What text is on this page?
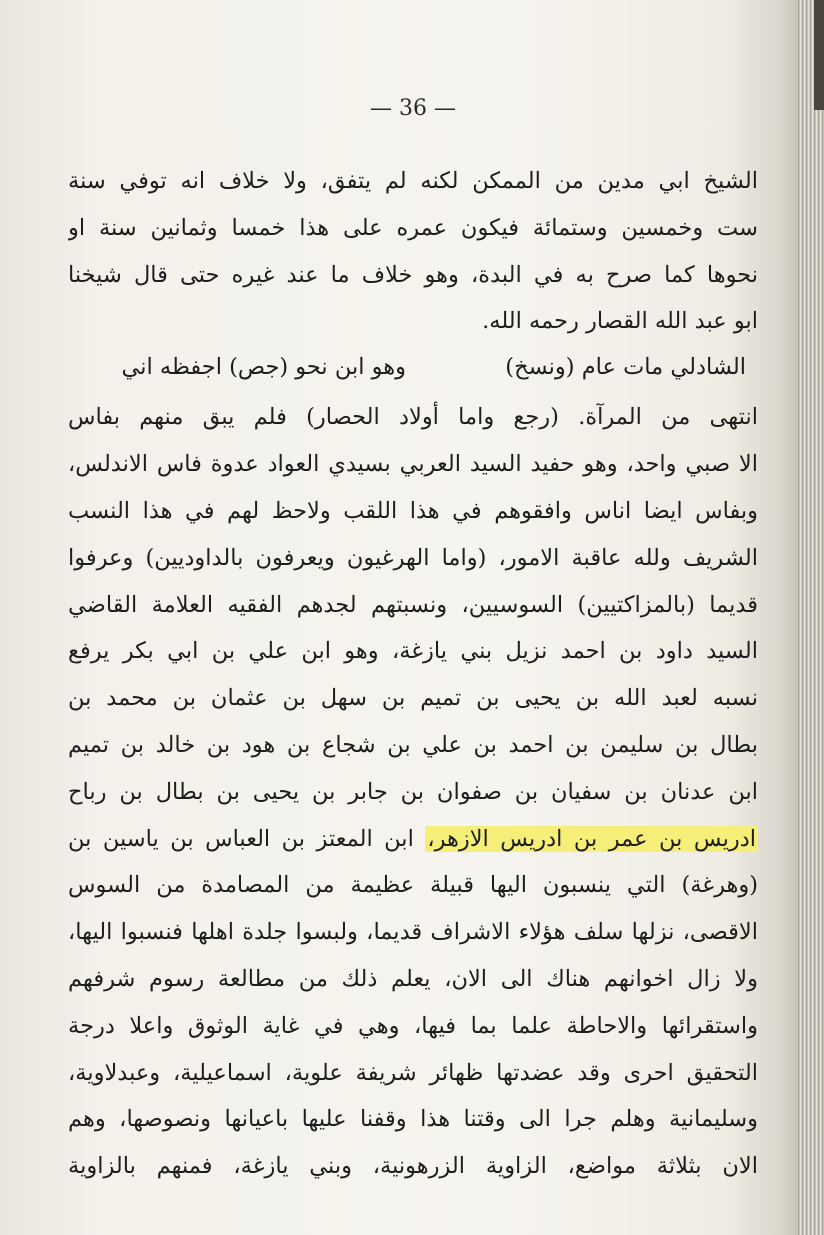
— 36 —
الشيخ ابي مدين من الممكن لكنه لم يتفق، ولا خلاف انه توفي سنة
ست وخمسين وستمائة فيكون عمره على هذا خمسا وثمانين سنة او
نحوها كما صرح به في البدة، وهو خلاف ما عند غيره حتى قال شيخنا
ابو عبد الله القصار رحمه الله.
الشادلي مات عام (ونسخ)
وهو ابن نحو (جص) اجفظه اني
انتهى من المرآة. (رجع واما أولاد الحصار) فلم يبق منهم بفاس
الا صبي واحد، وهو حفيد السيد العربي بسيدي العواد عدوة فاس الاندلس،
وبفاس ايضا اناس وافقوهم في هذا اللقب ولاحظ لهم في هذا النسب
الشريف ولله عاقبة الامور، (واما الهرغيون ويعرفون بالداوديين) وعرفوا
قديما (بالمزاكتيين) السوسيين، ونسبتهم لجدهم الفقيه العلامة القاضي
السيد داود بن احمد نزيل بني يازغة، وهو ابن علي بن ابي بكر يرفع
نسبه لعبد الله بن يحيى بن تميم بن سهل بن عثمان بن محمد بن
بطال بن سليمن بن احمد بن علي بن شجاع بن هود بن خالد بن تميم
ابن عدنان بن سفيان بن صفوان بن جابر بن يحيى بن بطال بن رباح
ادريس بن عمر بن ادريس الازهر، ابن المعتز بن العباس بن ياسين بن
(وهرغة) التي ينسبون اليها قبيلة عظيمة من المصامدة من السوس
الاقصى، نزلها سلف هؤلاء الاشراف قديما، ولبسوا جلدة اهلها فنسبوا اليها،
ولا زال اخوانهم هناك الى الان، يعلم ذلك من مطالعة رسوم شرفهم
واستقرائها والاحاطة علما بما فيها، وهي في غاية الوثوق واعلا درجة
التحقيق احرى وقد عضدتها ظهائر شريفة علوية، اسماعيلية، وعبدلاوية،
وسليمانية وهلم جرا الى وقتنا هذا وقفنا عليها باعيانها ونصوصها، وهم
الان بثلاثة مواضع، الزاوية الزرهونية، وبني يازغة، فمنهم بالزاوية
